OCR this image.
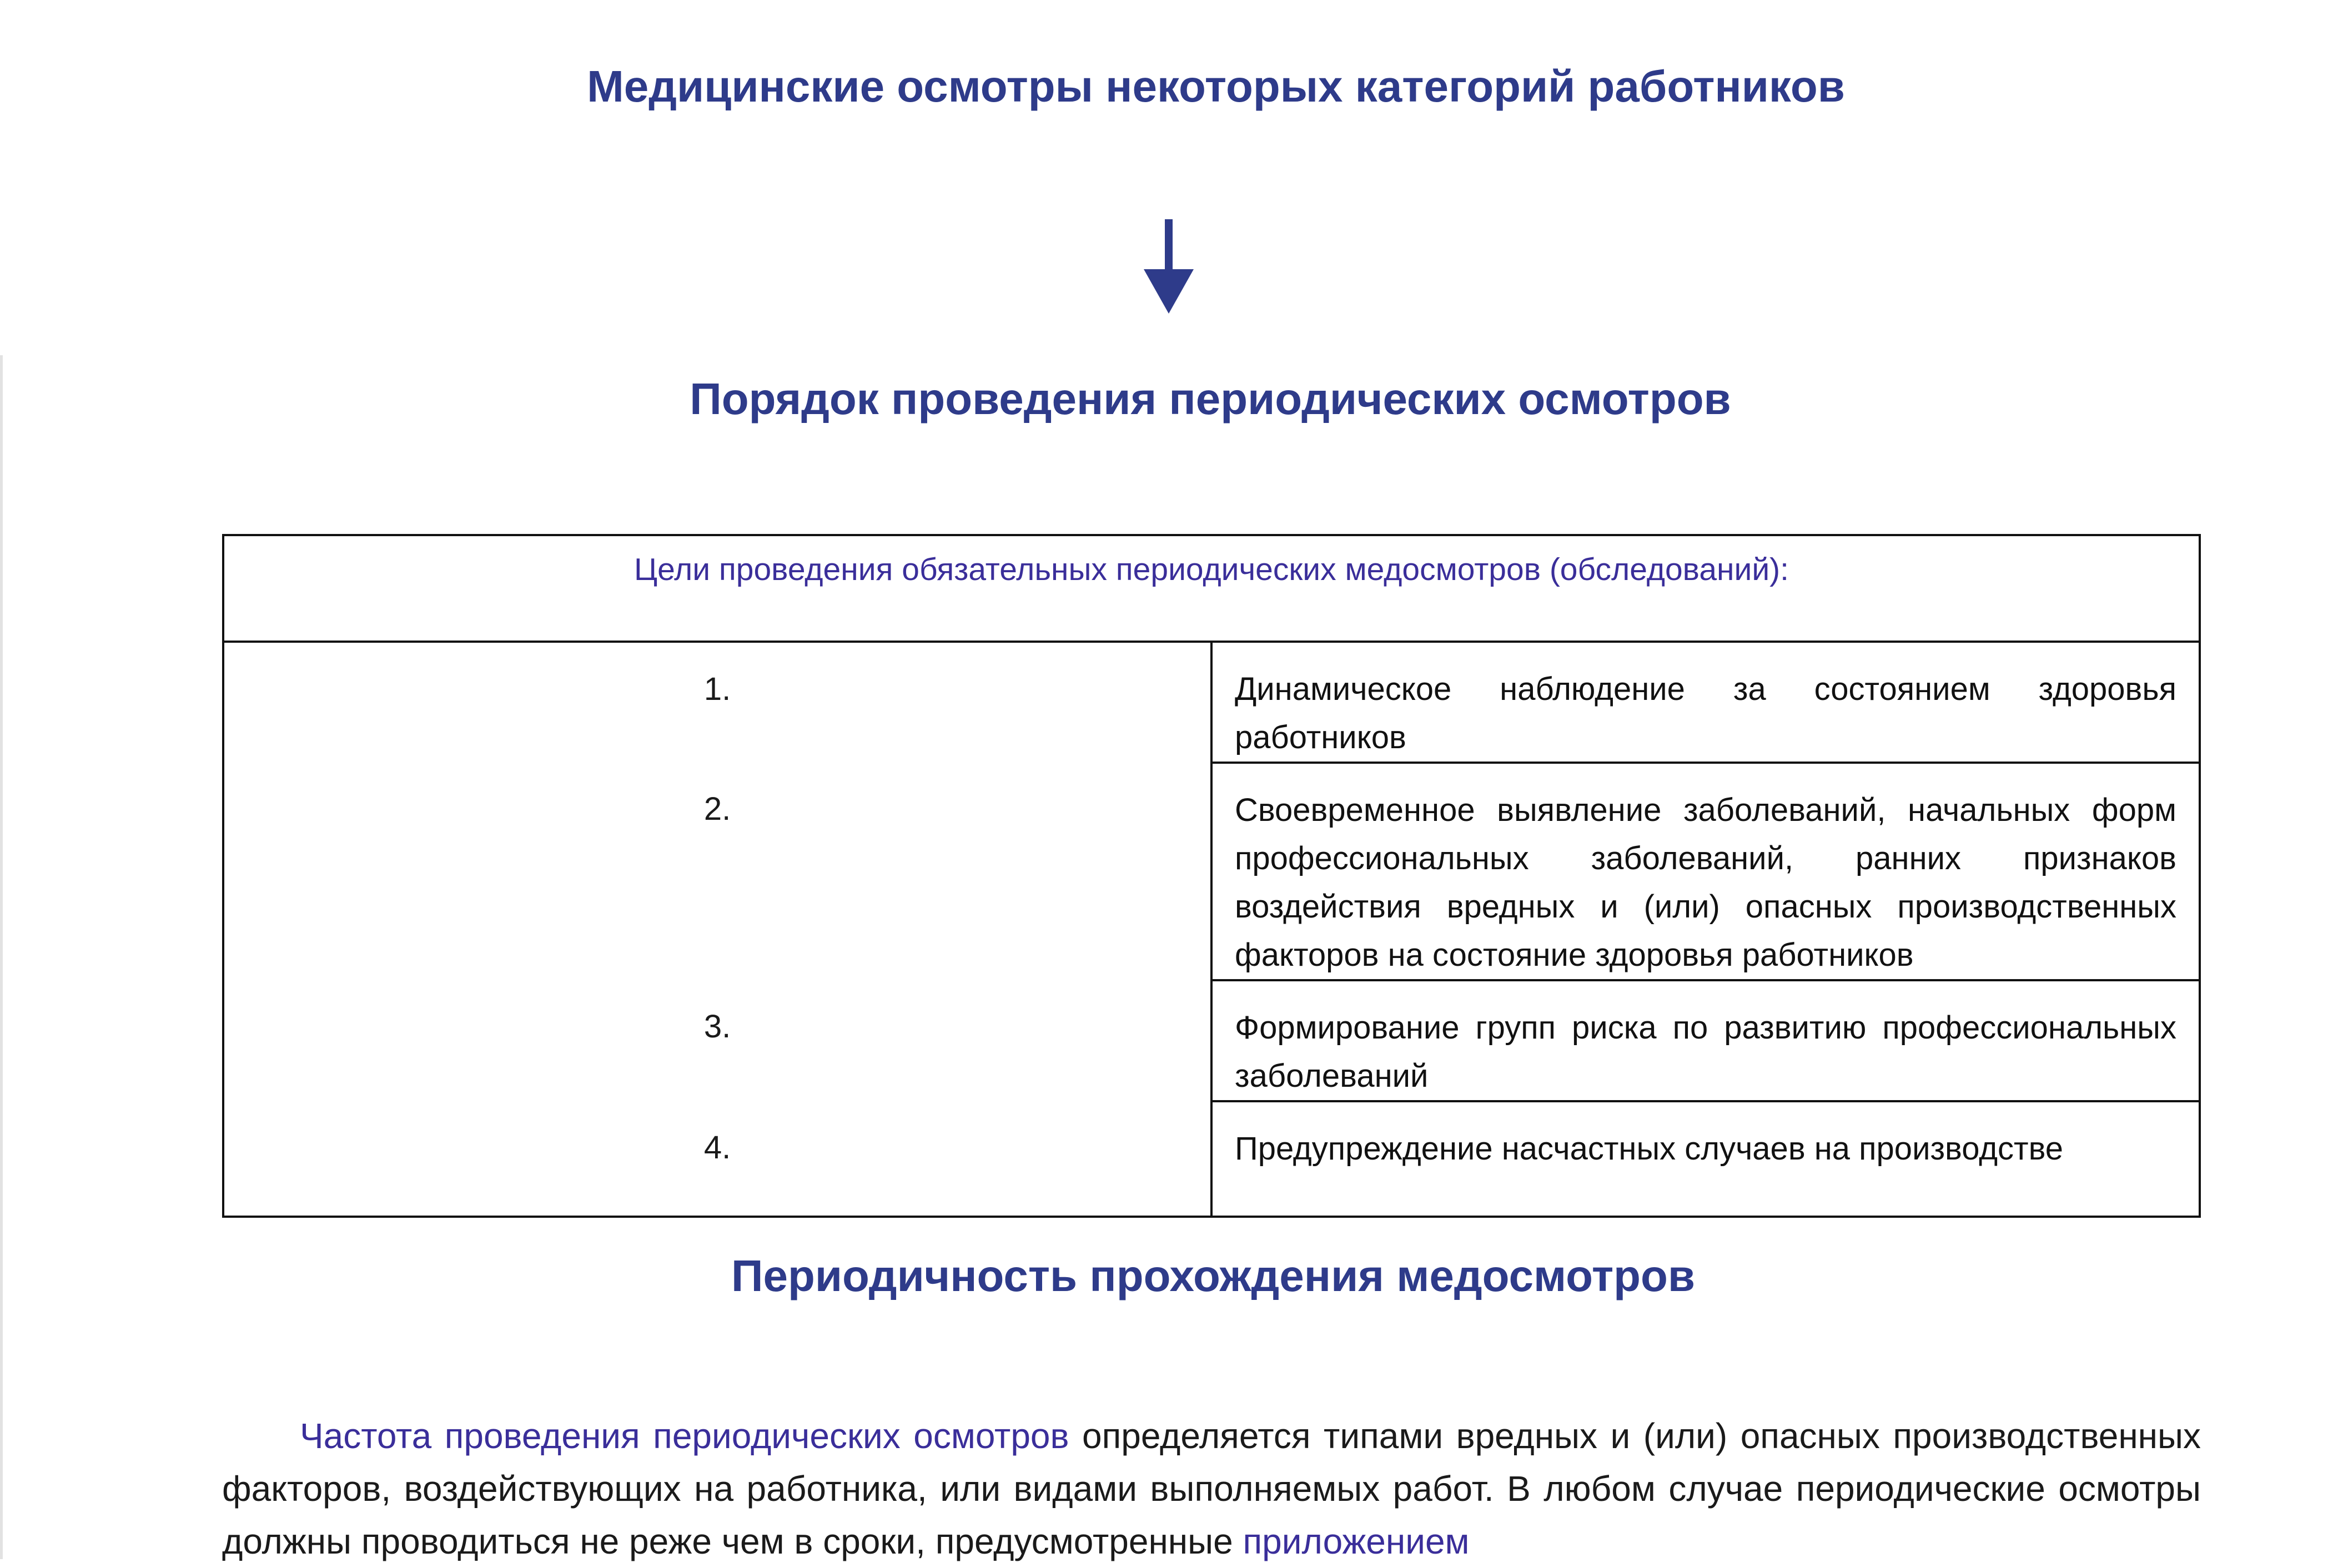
Медицинские осмотры некоторых категорий работников
Порядок проведения периодических осмотров
Цели проведения обязательных периодических медосмотров (обследований):	
1.	Динамическое наблюдение за состоянием здоровья работников
2.	Своевременное выявление заболеваний, начальных форм профессиональных заболеваний, ранних признаков воздействия вредных и (или) опасных производственных факторов на состояние здоровья работников
3.	Формирование групп риска по развитию профессиональных заболеваний
4.	Предупреждение насчастных случаев на производстве
Периодичность прохождения медосмотров

Частота проведения периодических осмотров определяется типами вредных и (или) опасных производственных факторов, воздействующих на работника, или видами выполняемых работ. В любом случае периодические осмотры должны проводиться не реже чем в сроки, предусмотренные приложением
